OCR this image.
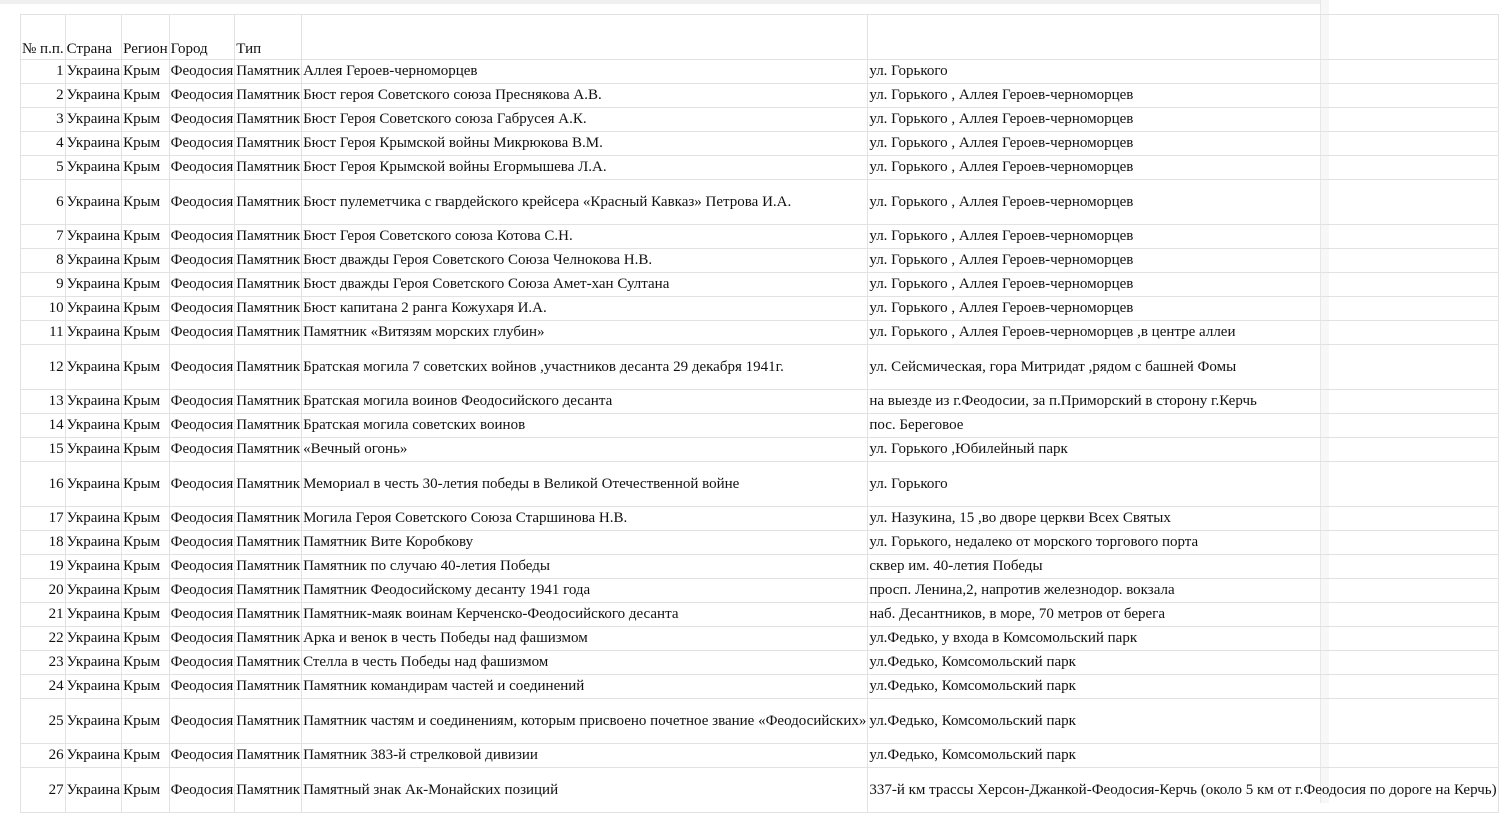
№ п.п.	Страна	Регион	Город	Тип		
1	Украина	Крым	Феодосия	Памятник	Аллея Героев-черноморцев	ул. Горького
2	Украина	Крым	Феодосия	Памятник	Бюст героя Советского союза Преснякова А.В.	ул. Горького , Аллея Героев-черноморцев
3	Украина	Крым	Феодосия	Памятник	Бюст Героя Советского союза Габрусея А.К.	ул. Горького , Аллея Героев-черноморцев
4	Украина	Крым	Феодосия	Памятник	Бюст Героя Крымской войны Микрюкова В.М.	ул. Горького , Аллея Героев-черноморцев
5	Украина	Крым	Феодосия	Памятник	Бюст Героя Крымской войны Егормышева Л.А.	ул. Горького , Аллея Героев-черноморцев
6	Украина	Крым	Феодосия	Памятник	Бюст пулеметчика с гвардейского крейсера «Красный Кавказ» Петрова И.А.	ул. Горького , Аллея Героев-черноморцев
7	Украина	Крым	Феодосия	Памятник	Бюст Героя Советского союза Котова С.Н.	ул. Горького , Аллея Героев-черноморцев
8	Украина	Крым	Феодосия	Памятник	Бюст дважды Героя Советского Союза Челнокова Н.В.	ул. Горького , Аллея Героев-черноморцев
9	Украина	Крым	Феодосия	Памятник	Бюст дважды Героя Советского Союза Амет-хан Султана	ул. Горького , Аллея Героев-черноморцев
10	Украина	Крым	Феодосия	Памятник	Бюст капитана 2 ранга Кожухаря И.А.	ул. Горького , Аллея Героев-черноморцев
11	Украина	Крым	Феодосия	Памятник	Памятник «Витязям морских глубин»	ул. Горького , Аллея Героев-черноморцев ,в центре аллеи
12	Украина	Крым	Феодосия	Памятник	Братская могила 7 советских войнов ,участников десанта 29 декабря 1941г.	ул. Сейсмическая, гора Митридат ,рядом с башней Фомы
13	Украина	Крым	Феодосия	Памятник	Братская могила воинов Феодосийского десанта	на выезде из г.Феодосии, за п.Приморский в сторону г.Керчь
14	Украина	Крым	Феодосия	Памятник	Братская могила советских воинов	пос. Береговое
15	Украина	Крым	Феодосия	Памятник	«Вечный огонь»	ул. Горького ,Юбилейный парк
16	Украина	Крым	Феодосия	Памятник	Мемориал в честь 30-летия победы в Великой Отечественной войне	ул. Горького
17	Украина	Крым	Феодосия	Памятник	Могила Героя Советского Союза Старшинова Н.В.	ул. Назукина, 15 ,во дворе церкви Всех Святых
18	Украина	Крым	Феодосия	Памятник	Памятник Вите Коробкову	ул. Горького, недалеко от морского торгового порта
19	Украина	Крым	Феодосия	Памятник	Памятник по случаю 40-летия Победы	сквер им. 40-летия Победы
20	Украина	Крым	Феодосия	Памятник	Памятник Феодосийскому десанту 1941 года	просп. Ленина,2, напротив железнодор. вокзала
21	Украина	Крым	Феодосия	Памятник	Памятник-маяк воинам Керченско-Феодосийского десанта	наб. Десантников, в море, 70 метров от берега
22	Украина	Крым	Феодосия	Памятник	Арка и венок в честь Победы над фашизмом	ул.Федько, у входа в Комсомольский парк
23	Украина	Крым	Феодосия	Памятник	Стелла в честь Победы над фашизмом	ул.Федько, Комсомольский парк
24	Украина	Крым	Феодосия	Памятник	Памятник командирам частей и соединений	ул.Федько, Комсомольский парк
25	Украина	Крым	Феодосия	Памятник	Памятник частям и соединениям, которым присвоено почетное звание «Феодосийских»	ул.Федько, Комсомольский парк
26	Украина	Крым	Феодосия	Памятник	Памятник 383-й стрелковой дивизии	ул.Федько, Комсомольский парк
27	Украина	Крым	Феодосия	Памятник	Памятный знак Ак-Монайских позиций	337-й км трассы Херсон-Джанкой-Феодосия-Керчь (около 5 км от г.Феодосия по дороге на Керчь)
